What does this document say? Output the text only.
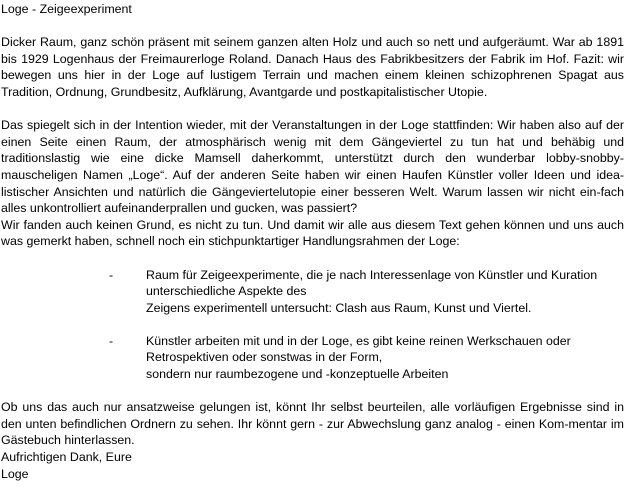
Loge - Zeigeexperiment

Dicker Raum, ganz schön präsent mit seinem ganzen alten Holz und auch so nett und aufgeräumt. War ab 1891 bis 1929 Logenhaus der Freimaurerloge Roland. Danach Haus des Fabrikbesitzers der Fabrik im Hof. Fazit: wir bewegen uns hier in der Loge auf lustigem Terrain und machen einem kleinen schizophrenen Spagat aus Tradition, Ordnung, Grundbesitz, Aufklärung, Avantgarde und postkapitalistischer Utopie.

Das spiegelt sich in der Intention wieder, mit der Veranstaltungen in der Loge stattfinden: Wir haben also auf der einen Seite einen Raum, der atmosphärisch wenig mit dem Gängeviertel zu tun hat und behäbig und traditionslastig wie eine dicke Mamsell daherkommt, unterstützt durch den wunderbar lobby-snobby-mauscheligen Namen „Loge“. Auf der anderen Seite haben wir einen Haufen Künstler voller Ideen und idea-listischer Ansichten und natürlich die Gängeviertelutopie einer besseren Welt. Warum lassen wir nicht ein-fach alles unkontrolliert aufeinanderprallen und gucken, was passiert?

Wir fanden auch keinen Grund, es nicht zu tun. Und damit wir alle aus diesem Text gehen können und uns auch was gemerkt haben, schnell noch ein stichpunktartiger Handlungsrahmen der Loge:

-	Raum für Zeigeexperimente, die je nach Interessenlage von Künstler und Kuration
unterschiedliche Aspekte des
Zeigens experimentell untersucht: Clash aus Raum, Kunst und Viertel.
-	Künstler arbeiten mit und in der Loge, es gibt keine reinen Werkschauen oder
Retrospektiven oder sonstwas in der Form,
sondern nur raumbezogene und -konzeptuelle Arbeiten

Ob uns das auch nur ansatzweise gelungen ist, könnt Ihr selbst beurteilen, alle vorläufigen Ergebnisse sind in den unten befindlichen Ordnern zu sehen. Ihr könnt gern - zur Abwechslung ganz analog - einen Kom-mentar im Gästebuch hinterlassen.

Aufrichtigen Dank, Eure

Loge
